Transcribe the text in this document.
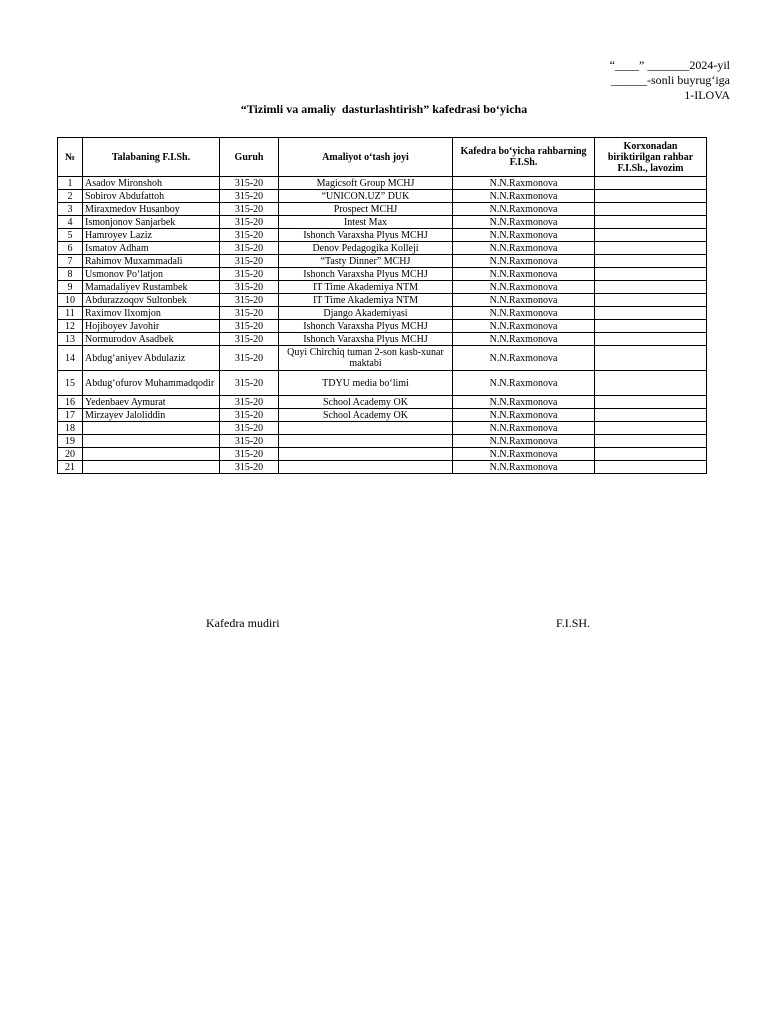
“____” _______2024-yil
______-sonli buyrug‘iga
1-ILOVA
“Tizimli va amaliy  dasturlashtirish” kafedrasi bo‘yicha
№	Talabaning F.I.Sh.	Guruh	Amaliyot o‘tash joyi	Kafedra bo‘yicha rahbarning F.I.Sh.	Korxonadan biriktirilgan rahbar F.I.Sh., lavozim
1	Asadov Mironshoh	315-20	Magicsoft Group MCHJ	N.N.Raxmonova	
2	Sobirov Abdufattoh	315-20	“UNICON.UZ” DUK	N.N.Raxmonova	
3	Miraxmedov Husanboy	315-20	Prospect MCHJ	N.N.Raxmonova	
4	Ismonjonov Sanjarbek	315-20	Intest Max	N.N.Raxmonova	
5	Hamroyev Laziz	315-20	Ishonch Varaxsha Plyus MCHJ	N.N.Raxmonova	
6	Ismatov Adham	315-20	Denov Pedagogika Kolleji	N.N.Raxmonova	
7	Rahimov Muxammadali	315-20	“Tasty Dinner” MCHJ	N.N.Raxmonova	
8	Usmonov Po‘latjon	315-20	Ishonch Varaxsha Plyus MCHJ	N.N.Raxmonova	
9	Mamadaliyev Rustambek	315-20	IT Time Akademiya NTM	N.N.Raxmonova	
10	Abdurazzoqov Sultonbek	315-20	IT Time Akademiya NTM	N.N.Raxmonova	
11	Raximov Ilxomjon	315-20	Django Akademiyasi	N.N.Raxmonova	
12	Hojiboyev Javohir	315-20	Ishonch Varaxsha Plyus MCHJ	N.N.Raxmonova	
13	Normurodov Asadbek	315-20	Ishonch Varaxsha Plyus MCHJ	N.N.Raxmonova	
14	Abdug‘aniyev Abdulaziz	315-20	Quyi Chirchiq tuman 2-son kasb-xunar maktabi	N.N.Raxmonova	
15	Abdug‘ofurov Muhammadqodir	315-20	TDYU media bo‘limi	N.N.Raxmonova	
16	Yedenbaev Aymurat	315-20	School Academy OK	N.N.Raxmonova	
17	Mirzayev Jaloliddin	315-20	School Academy OK	N.N.Raxmonova	
18		315-20		N.N.Raxmonova	
19		315-20		N.N.Raxmonova	
20		315-20		N.N.Raxmonova	
21		315-20		N.N.Raxmonova	
Kafedra mudiri	F.I.SH.
